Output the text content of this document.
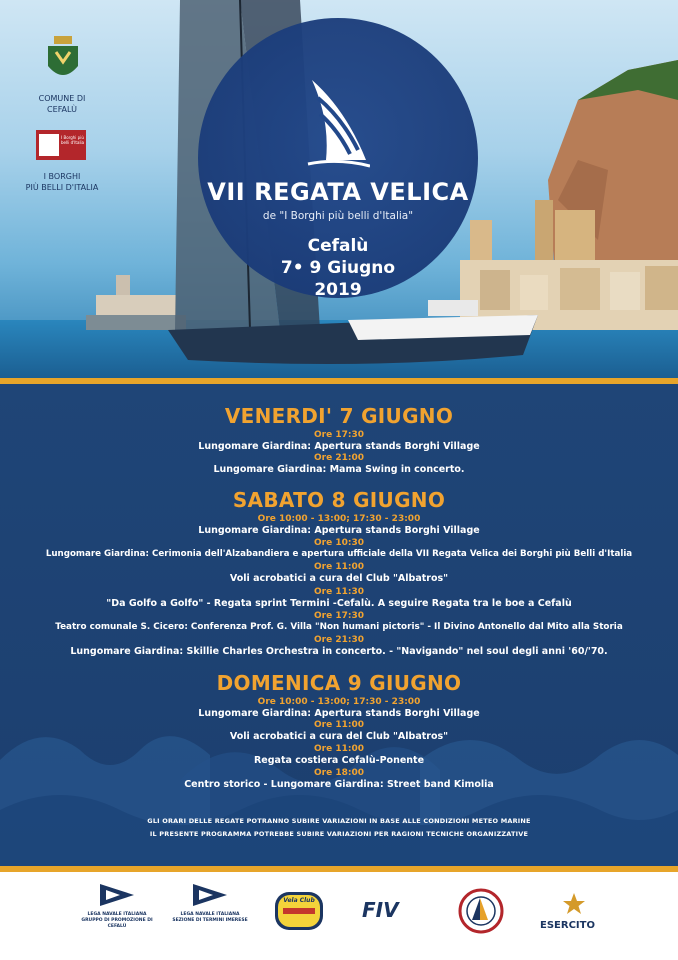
VII REGATA VELICA
de "I Borghi più belli d'Italia"
Cefalù
7• 9 Giugno
2019
COMUNE DI
CEFALÙ
I Borghi più belli d'Italia
I BORGHI
PIÙ BELLI D'ITALIA
VENERDI' 7 GIUGNO
Ore 17:30
Lungomare Giardina: Apertura stands Borghi Village
Ore 21:00
Lungomare Giardina: Mama Swing in concerto.
SABATO 8 GIUGNO
Ore 10:00 - 13:00; 17:30 - 23:00
Lungomare Giardina: Apertura stands Borghi Village
Ore 10:30
Lungomare Giardina: Cerimonia dell'Alzabandiera e apertura ufficiale della VII Regata Velica dei Borghi più Belli d'Italia
Ore 11:00
Voli acrobatici a cura del Club "Albatros"
Ore 11:30
"Da Golfo a Golfo" - Regata sprint Termini -Cefalù. A seguire Regata tra le boe a Cefalù
Ore 17:30
Teatro comunale S. Cicero: Conferenza Prof. G. Villa "Non humani pictoris" - Il Divino Antonello dal Mito alla Storia
Ore 21:30
Lungomare Giardina: Skillie Charles Orchestra in concerto. - "Navigando" nel soul degli anni '60/'70.
DOMENICA 9 GIUGNO
Ore 10:00 - 13:00; 17:30 - 23:00
Lungomare Giardina: Apertura stands Borghi Village
Ore 11:00
Voli acrobatici a cura del Club "Albatros"
Ore 11:00
Regata costiera Cefalù-Ponente
Ore 18:00
Centro storico - Lungomare Giardina: Street band Kimolia
GLI ORARI DELLE REGATE POTRANNO SUBIRE VARIAZIONI IN BASE ALLE CONDIZIONI METEO MARINE
IL PRESENTE PROGRAMMA POTREBBE SUBIRE VARIAZIONI PER RAGIONI TECNICHE ORGANIZZATIVE
LEGA NAVALE ITALIANA
GRUPPO DI PROMOZIONE DI CEFALÙ
LEGA NAVALE ITALIANA
SEZIONE DI TERMINI IMERESE
Vela Club	FIV
ESERCITO
